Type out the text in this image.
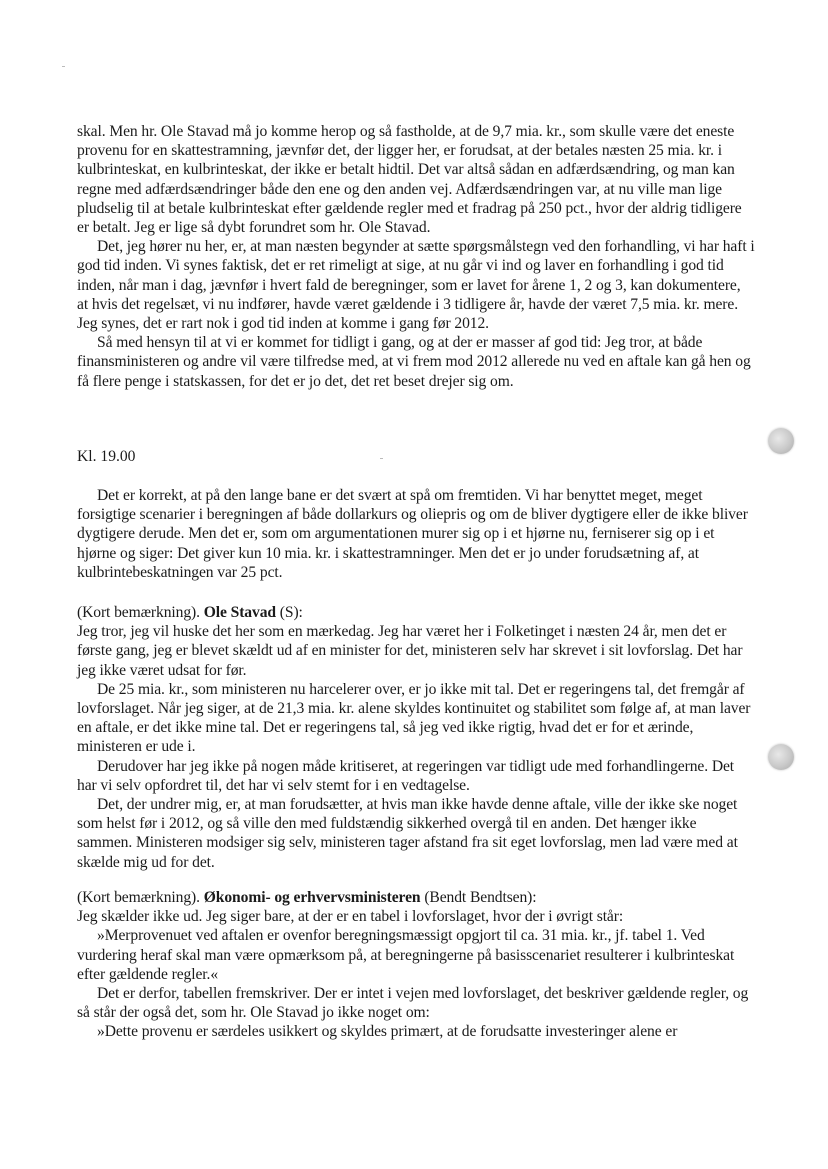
skal. Men hr. Ole Stavad må jo komme herop og så fastholde, at de 9,7 mia. kr., som skulle være det eneste provenu for en skattestramning, jævnfør det, der ligger her, er forudsat, at der betales næsten 25 mia. kr. i kulbrinteskat, en kulbrinteskat, der ikke er betalt hidtil. Det var altså sådan en adfærdsændring, og man kan regne med adfærdsændringer både den ene og den anden vej. Adfærdsændringen var, at nu ville man lige pludselig til at betale kulbrinteskat efter gældende regler med et fradrag på 250 pct., hvor der aldrig tidligere er betalt. Jeg er lige så dybt forundret som hr. Ole Stavad.

Det, jeg hører nu her, er, at man næsten begynder at sætte spørgsmålstegn ved den forhandling, vi har haft i god tid inden. Vi synes faktisk, det er ret rimeligt at sige, at nu går vi ind og laver en forhandling i god tid inden, når man i dag, jævnfør i hvert fald de beregninger, som er lavet for årene 1, 2 og 3, kan dokumentere, at hvis det regelsæt, vi nu indfører, havde været gældende i 3 tidligere år, havde der været 7,5 mia. kr. mere. Jeg synes, det er rart nok i god tid inden at komme i gang før 2012.

Så med hensyn til at vi er kommet for tidligt i gang, og at der er masser af god tid: Jeg tror, at både finansministeren og andre vil være tilfredse med, at vi frem mod 2012 allerede nu ved en aftale kan gå hen og få flere penge i statskassen, for det er jo det, det ret beset drejer sig om.

Kl. 19.00

Det er korrekt, at på den lange bane er det svært at spå om fremtiden. Vi har benyttet meget, meget forsigtige scenarier i beregningen af både dollarkurs og oliepris og om de bliver dygtigere eller de ikke bliver dygtigere derude. Men det er, som om argumentationen murer sig op i et hjørne nu, ferniserer sig op i et hjørne og siger: Det giver kun 10 mia. kr. i skattestramninger. Men det er jo under forudsætning af, at kulbrintebeskatningen var 25 pct.

(Kort bemærkning). Ole Stavad (S):

Jeg tror, jeg vil huske det her som en mærkedag. Jeg har været her i Folketinget i næsten 24 år, men det er første gang, jeg er blevet skældt ud af en minister for det, ministeren selv har skrevet i sit lovforslag. Det har jeg ikke været udsat for før.

De 25 mia. kr., som ministeren nu harcelerer over, er jo ikke mit tal. Det er regeringens tal, det fremgår af lovforslaget. Når jeg siger, at de 21,3 mia. kr. alene skyldes kontinuitet og stabilitet som følge af, at man laver en aftale, er det ikke mine tal. Det er regeringens tal, så jeg ved ikke rigtig, hvad det er for et ærinde, ministeren er ude i.

Derudover har jeg ikke på nogen måde kritiseret, at regeringen var tidligt ude med forhandlingerne. Det har vi selv opfordret til, det har vi selv stemt for i en vedtagelse.

Det, der undrer mig, er, at man forudsætter, at hvis man ikke havde denne aftale, ville der ikke ske noget som helst før i 2012, og så ville den med fuldstændig sikkerhed overgå til en anden. Det hænger ikke sammen. Ministeren modsiger sig selv, ministeren tager afstand fra sit eget lovforslag, men lad være med at skælde mig ud for det.

(Kort bemærkning). Økonomi- og erhvervsministeren (Bendt Bendtsen):

Jeg skælder ikke ud. Jeg siger bare, at der er en tabel i lovforslaget, hvor der i øvrigt står:

»Merprovenuet ved aftalen er ovenfor beregningsmæssigt opgjort til ca. 31 mia. kr., jf. tabel 1. Ved vurdering heraf skal man være opmærksom på, at beregningerne på basisscenariet resulterer i kulbrinteskat efter gældende regler.«

Det er derfor, tabellen fremskriver. Der er intet i vejen med lovforslaget, det beskriver gældende regler, og så står der også det, som hr. Ole Stavad jo ikke noget om:

»Dette provenu er særdeles usikkert og skyldes primært, at de forudsatte investeringer alene er
